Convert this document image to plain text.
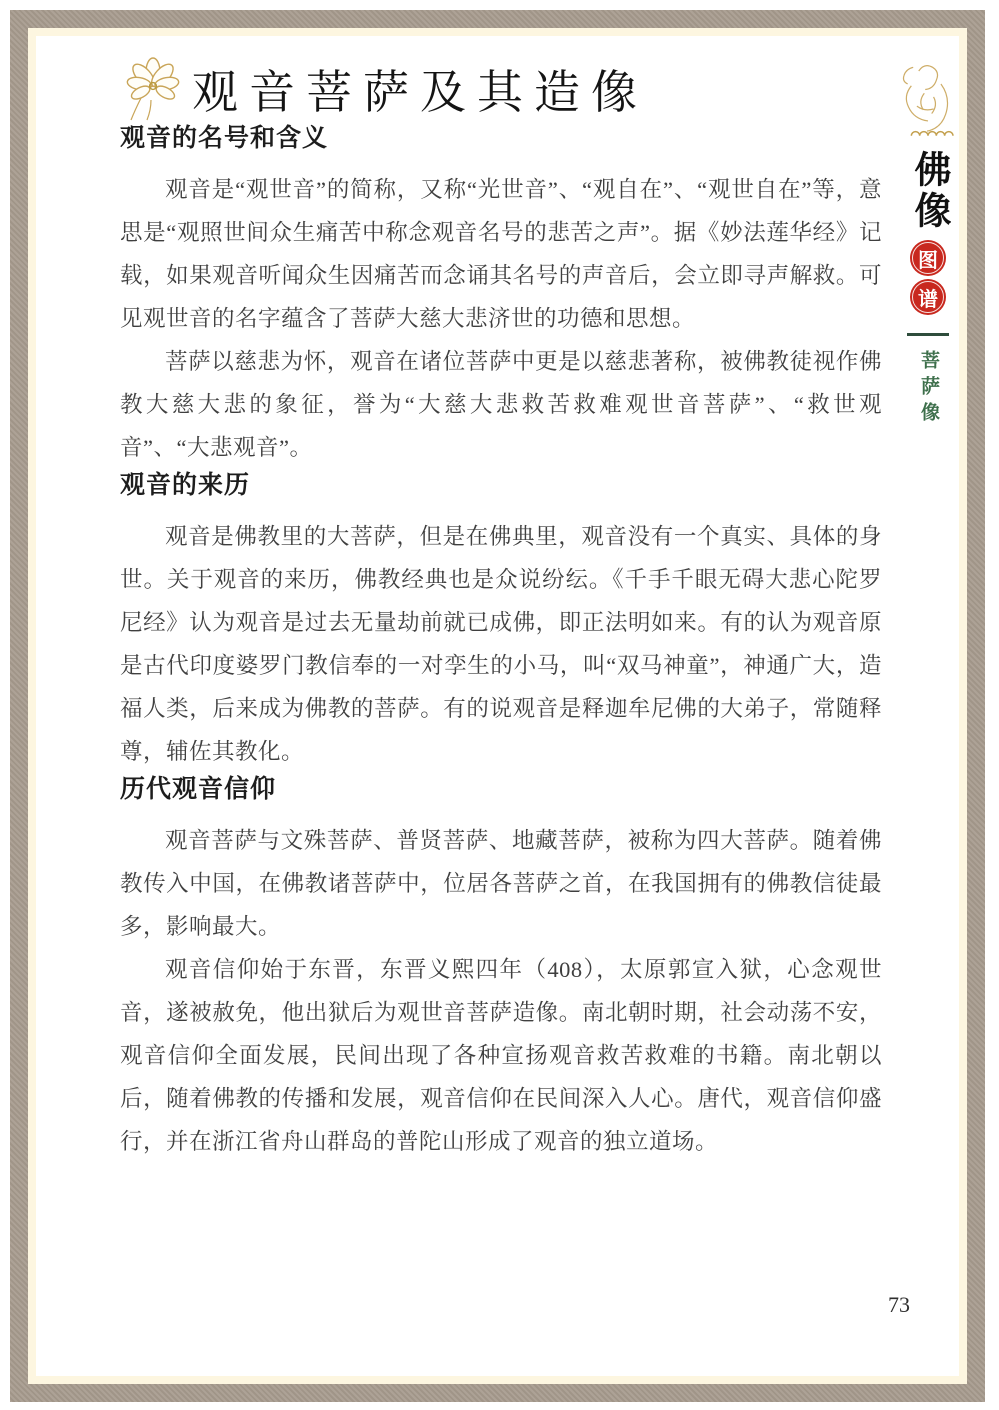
观音菩萨及其造像
观音的名号和含义

观音是“观世音”的简称，又称“光世音”、“观自在”、“观世自在”等，意思是“观照世间众生痛苦中称念观音名号的悲苦之声”。据《妙法莲华经》记载，如果观音听闻众生因痛苦而念诵其名号的声音后，会立即寻声解救。可见观世音的名字蕴含了菩萨大慈大悲济世的功德和思想。

菩萨以慈悲为怀，观音在诸位菩萨中更是以慈悲著称，被佛教徒视作佛教大慈大悲的象征，誉为“大慈大悲救苦救难观世音菩萨”、“救世观音”、“大悲观音”。

观音的来历

观音是佛教里的大菩萨，但是在佛典里，观音没有一个真实、具体的身世。关于观音的来历，佛教经典也是众说纷纭。《千手千眼无碍大悲心陀罗尼经》认为观音是过去无量劫前就已成佛，即正法明如来。有的认为观音原是古代印度婆罗门教信奉的一对孪生的小马，叫“双马神童”，神通广大，造福人类，后来成为佛教的菩萨。有的说观音是释迦牟尼佛的大弟子，常随释尊，辅佐其教化。

历代观音信仰

观音菩萨与文殊菩萨、普贤菩萨、地藏菩萨，被称为四大菩萨。随着佛教传入中国，在佛教诸菩萨中，位居各菩萨之首，在我国拥有的佛教信徒最多，影响最大。

观音信仰始于东晋，东晋义熙四年（408），太原郭宣入狱，心念观世音，遂被赦免，他出狱后为观世音菩萨造像。南北朝时期，社会动荡不安，观音信仰全面发展，民间出现了各种宣扬观音救苦救难的书籍。南北朝以后，随着佛教的传播和发展，观音信仰在民间深入人心。唐代，观音信仰盛行，并在浙江省舟山群岛的普陀山形成了观音的独立道场。

佛像
图
谱
菩萨像
73
